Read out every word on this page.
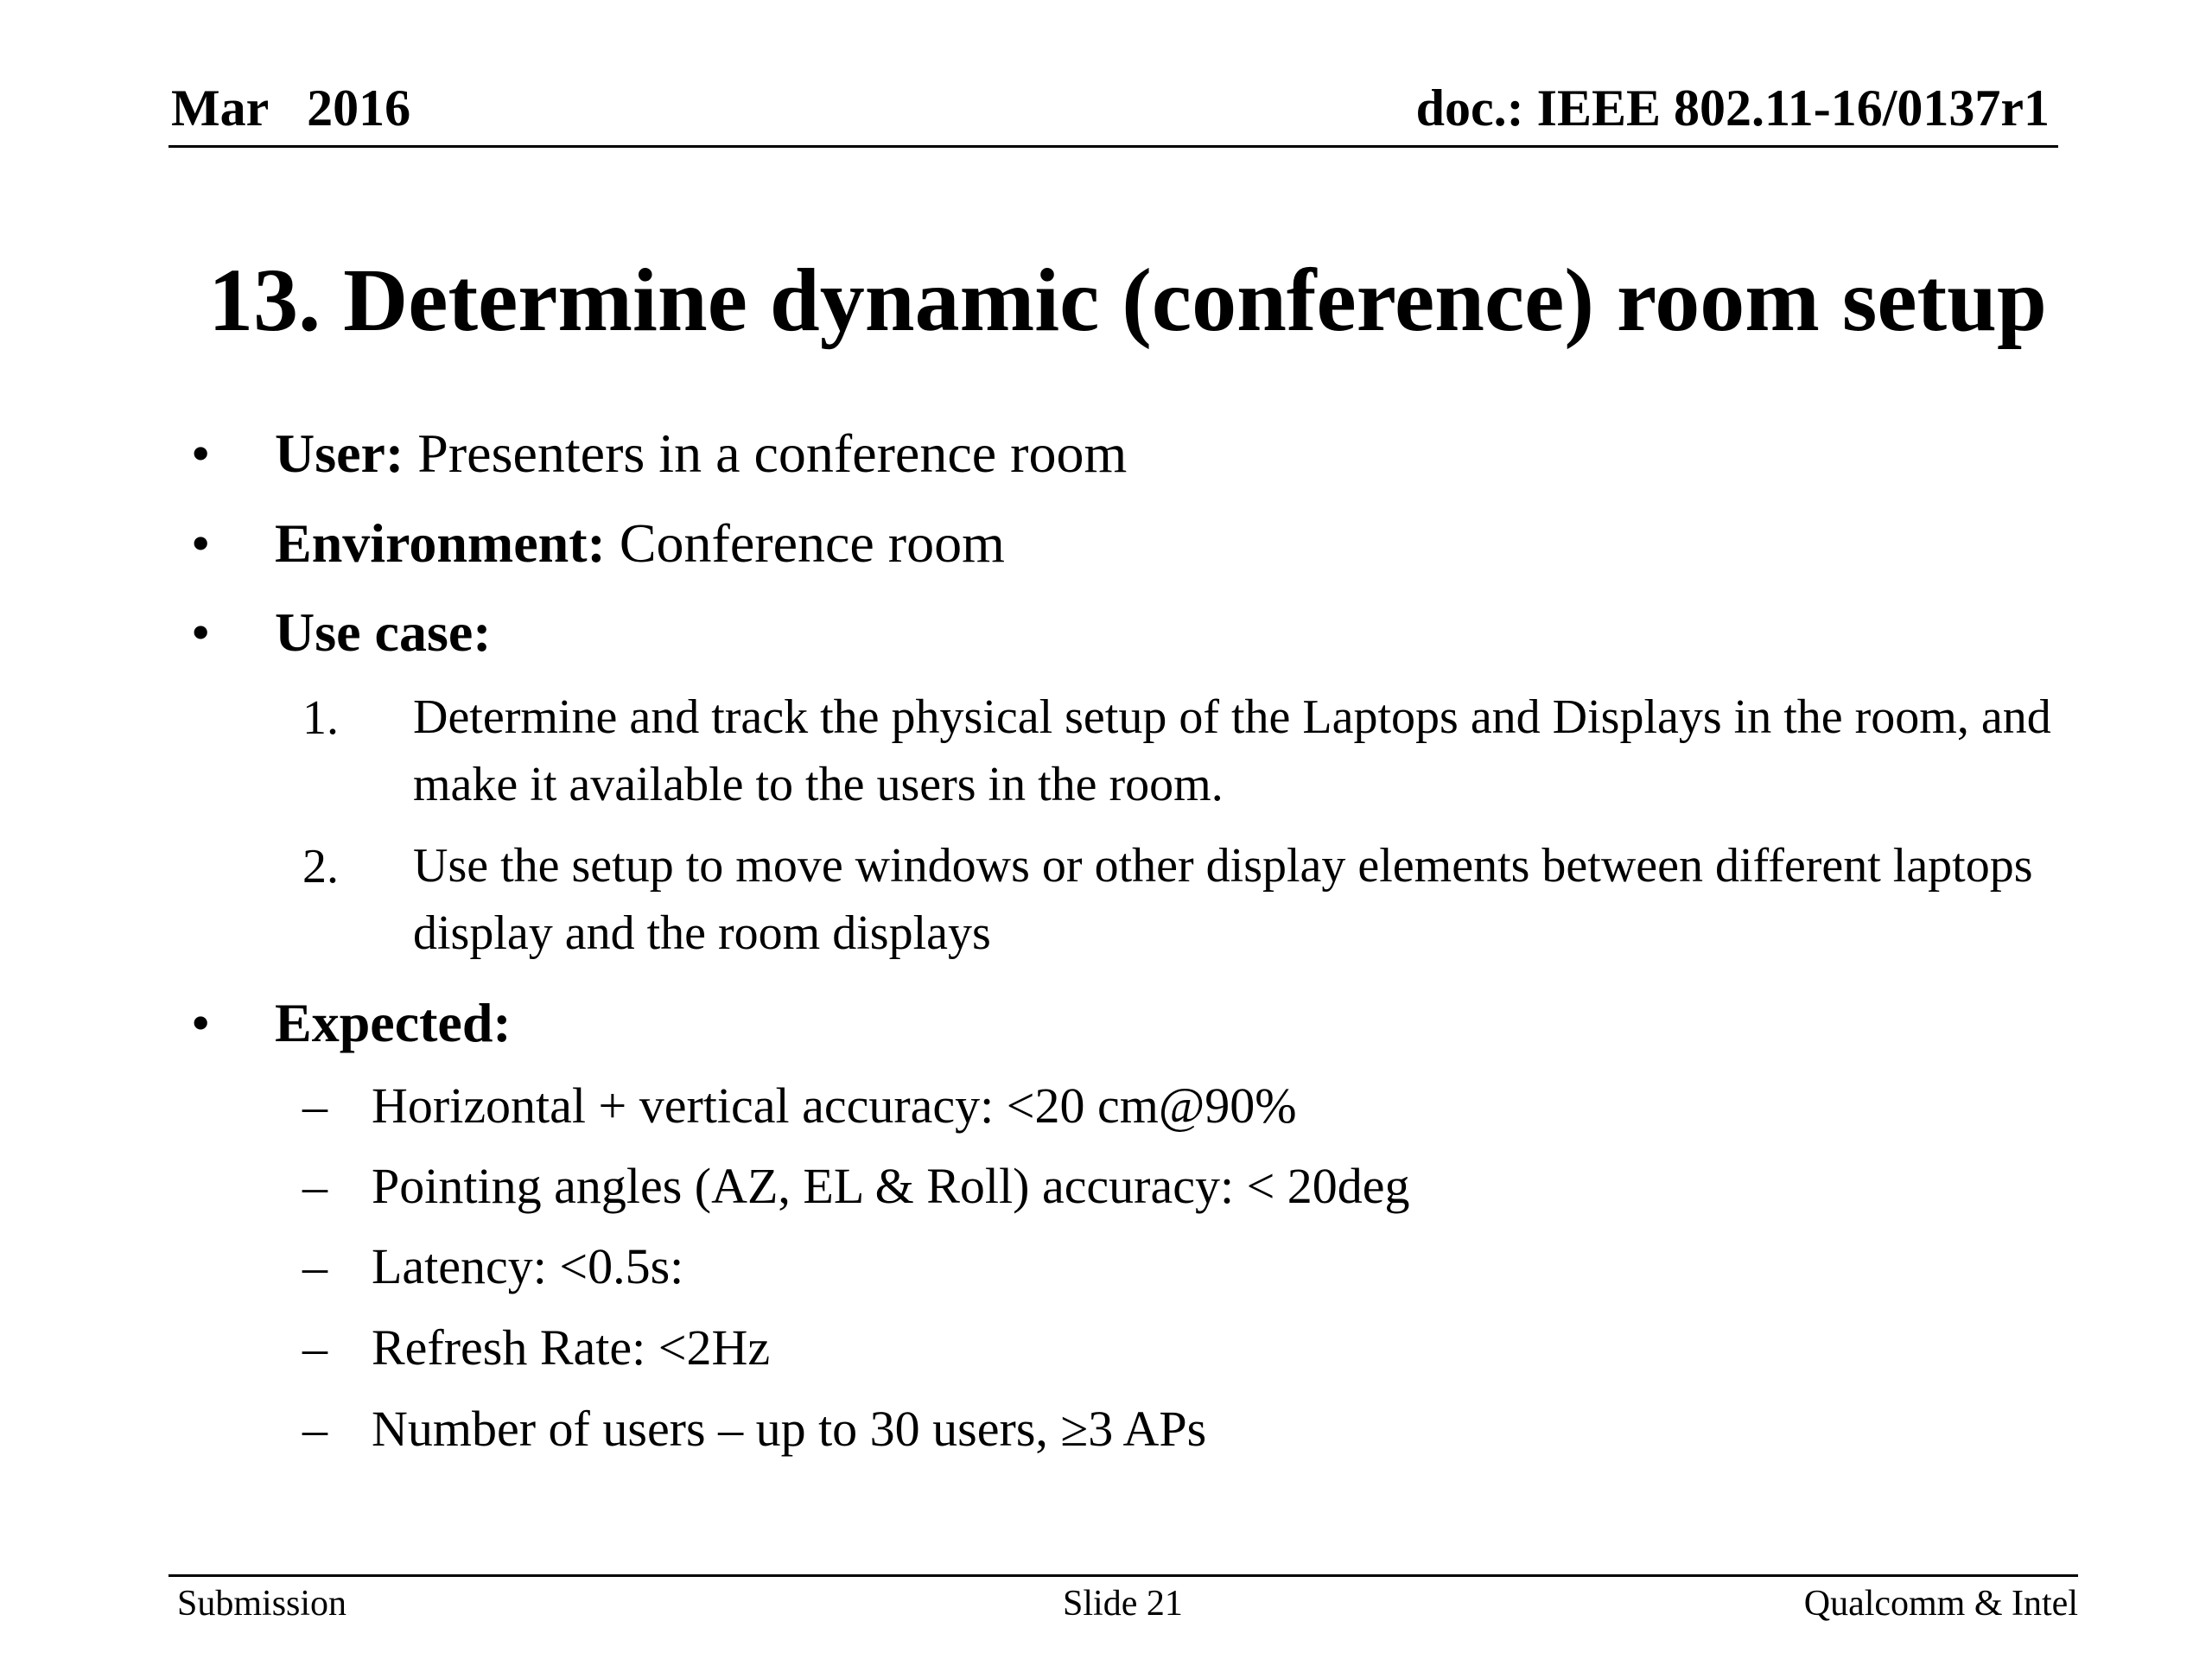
Mar   2016	doc.: IEEE 802.11-16/0137r1
13. Determine dynamic (conference) room setup
• User: Presenters in a conference room
• Environment: Conference room
• Use case:
1. Determine and track the physical setup of the Laptops and Displays in the room, and make it available to the users in the room.
2. Use the setup to move windows or other display elements between different laptops display and the room displays
• Expected:
– Horizontal + vertical accuracy: <20 cm@90%
– Pointing angles (AZ, EL & Roll) accuracy: < 20deg
– Latency: <0.5s:
– Refresh Rate: <2Hz
– Number of users – up to 30 users, ≥3 APs
Submission	Slide 21	Qualcomm & Intel
